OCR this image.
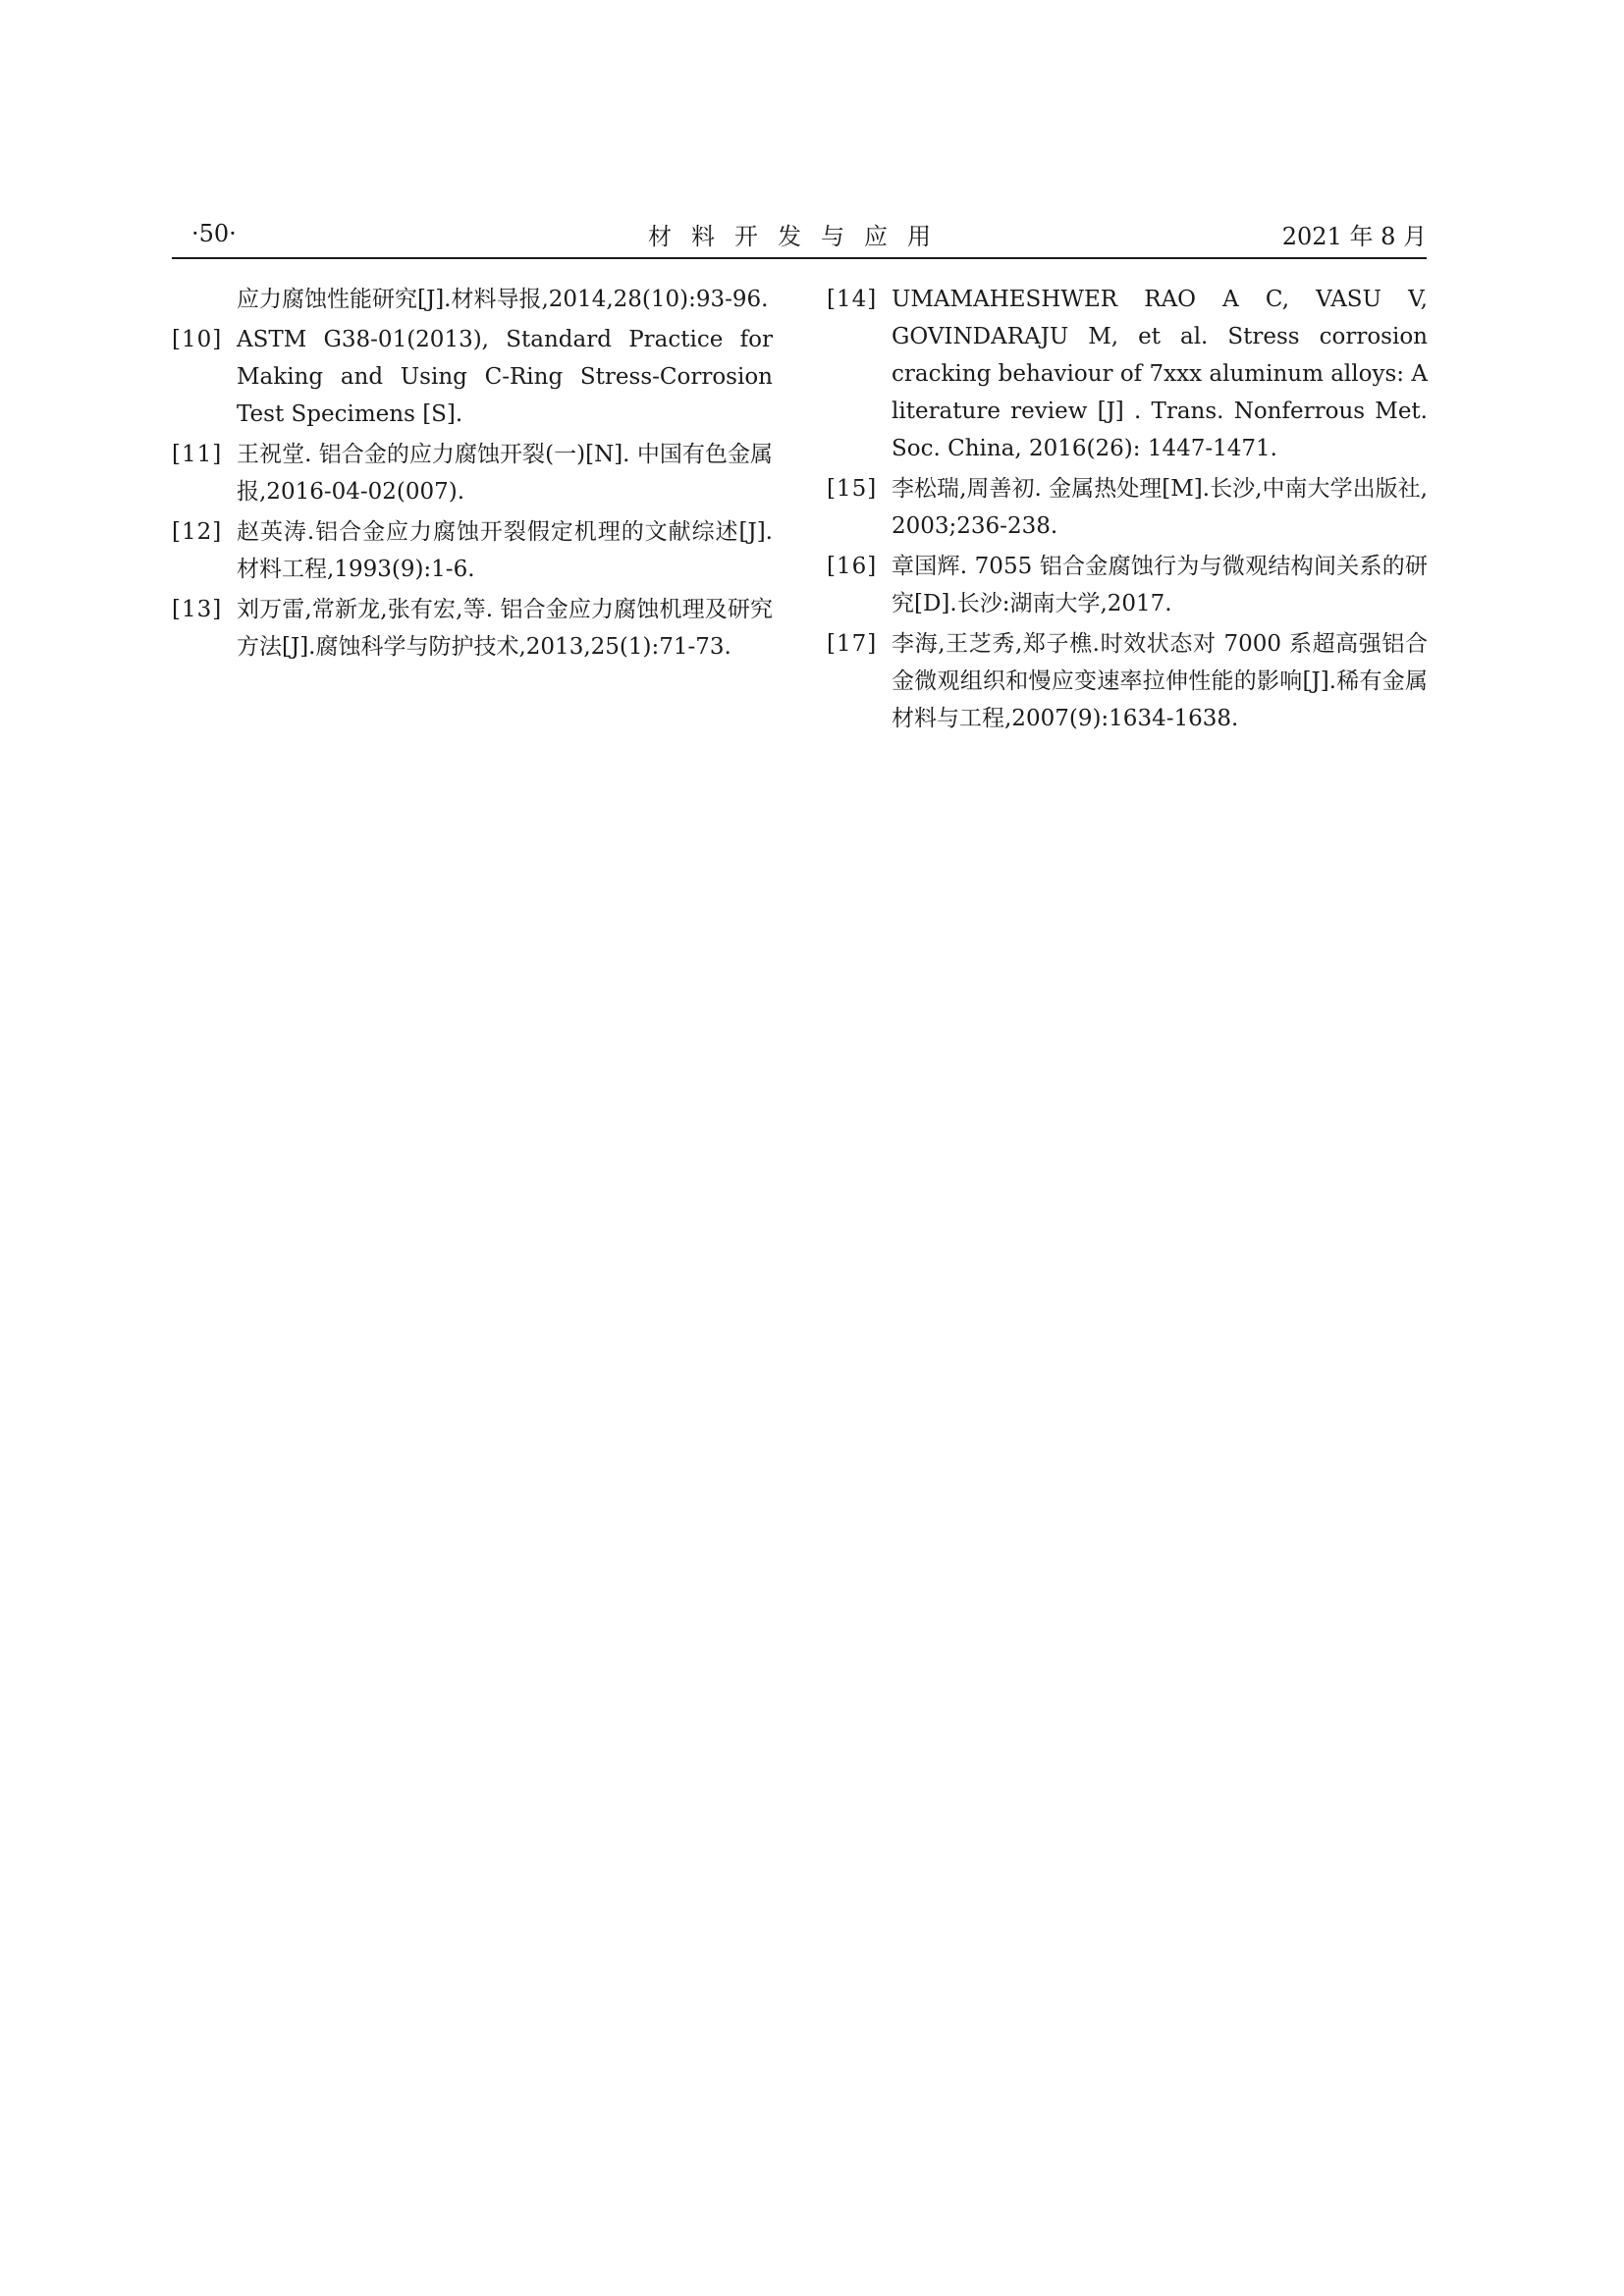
·50·	材料开发与应用	2021 年 8 月
应力腐蚀性能研究[J].材料导报,2014,28(10):93-96.
[10] ASTM G38-01(2013), Standard Practice for Making and Using C-Ring Stress-Corrosion Test Specimens [S].
[11] 王祝堂. 铝合金的应力腐蚀开裂(一)[N]. 中国有色金属报,2016-04-02(007).
[12] 赵英涛.铝合金应力腐蚀开裂假定机理的文献综述[J].材料工程,1993(9):1-6.
[13] 刘万雷,常新龙,张有宏,等. 铝合金应力腐蚀机理及研究方法[J].腐蚀科学与防护技术,2013,25(1):71-73.
[14] UMAMAHESHWER RAO A C, VASU V, GOVINDARAJU M, et al. Stress corrosion cracking behaviour of 7xxx aluminum alloys: A literature review [J] . Trans. Nonferrous Met. Soc. China, 2016(26): 1447-1471.
[15] 李松瑞,周善初. 金属热处理[M].长沙,中南大学出版社,2003;236-238.
[16] 章国辉. 7055 铝合金腐蚀行为与微观结构间关系的研究[D].长沙:湖南大学,2017.
[17] 李海,王芝秀,郑子樵.时效状态对 7000 系超高强铝合金微观组织和慢应变速率拉伸性能的影响[J].稀有金属材料与工程,2007(9):1634-1638.
